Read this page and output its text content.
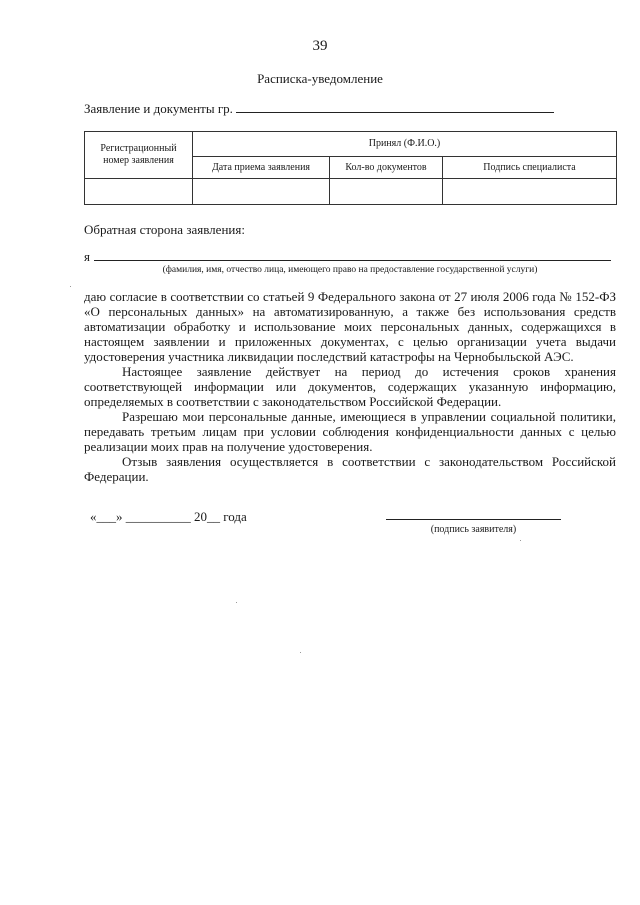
39
Расписка-уведомление
Заявление и документы гр.
Регистрационный номер заявления	Принял (Ф.И.О.)		
	Дата приема заявления	Кол-во документов	Подпись специалиста

Обратная сторона заявления:
я
(фамилия, имя, отчество лица, имеющего право на предоставление государственной услуги)

даю согласие в соответствии со статьей 9 Федерального закона от 27 июля 2006 года № 152-ФЗ «О персональных данных» на автоматизированную, а также без использования средств автоматизации обработку и использование моих персональных данных, содержащихся в настоящем заявлении и приложенных документах, с целью организации учета выдачи удостоверения участника ликвидации последствий катастрофы на Чернобыльской АЭС.

Настоящее заявление действует на период до истечения сроков хранения соответствующей информации или документов, содержащих указанную информацию, определяемых в соответствии с законодательством Российской Федерации.

Разрешаю мои персональные данные, имеющиеся в управлении социальной политики, передавать третьим лицам при условии соблюдения конфиденциальности данных с целью реализации моих прав на получение удостоверения.

Отзыв заявления осуществляется в соответствии с законодательством Российской Федерации.

«___» __________ 20__ года
(подпись заявителя)
